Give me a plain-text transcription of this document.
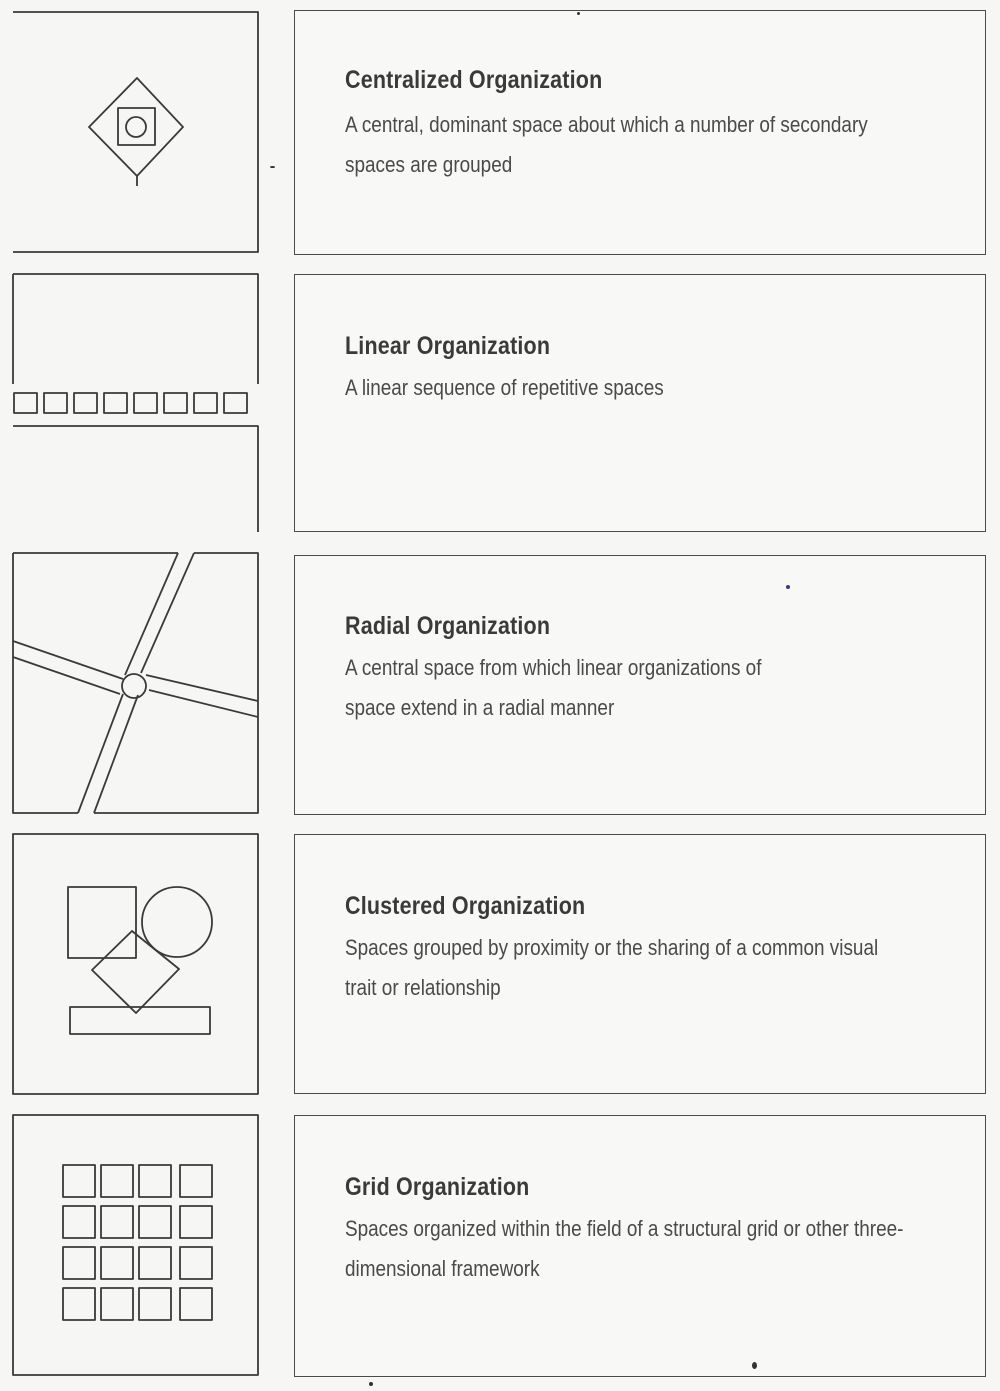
Centralized Organization

A central, dominant space about which a number of secondary spaces are grouped

Linear Organization

A linear sequence of repetitive spaces

Radial Organization

A central space from which linear organizations of space extend in a radial manner

Clustered Organization

Spaces grouped by proximity or the sharing of a common visual trait or relationship

Grid Organization

Spaces organized within the field of a structural grid or other three-dimensional framework
